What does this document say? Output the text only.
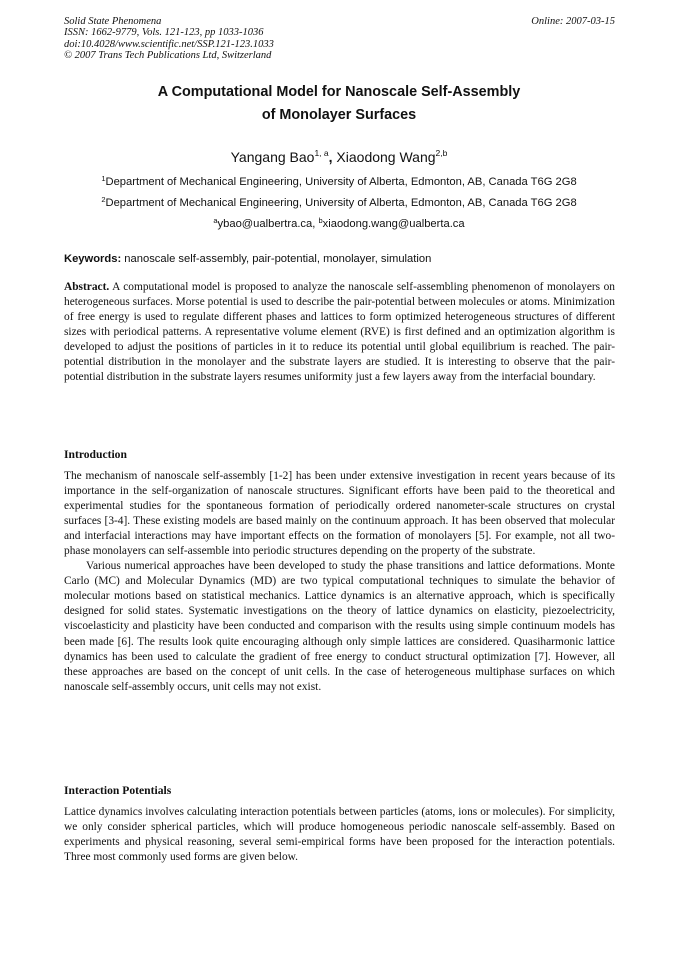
Solid State Phenomena
ISSN: 1662-9779, Vols. 121-123, pp 1033-1036
doi:10.4028/www.scientific.net/SSP.121-123.1033
© 2007 Trans Tech Publications Ltd, Switzerland
Online: 2007-03-15
A Computational Model for Nanoscale Self-Assembly
of Monolayer Surfaces
Yangang Bao$^{1, a}$, Xiaodong Wang$^{2,b}$
$^1$Department of Mechanical Engineering, University of Alberta, Edmonton, AB, Canada T6G 2G8
$^2$Department of Mechanical Engineering, University of Alberta, Edmonton, AB, Canada T6G 2G8
$^a$ybao@ualbertra.ca, $^b$xiaodong.wang@ualberta.ca
Keywords: nanoscale self-assembly, pair-potential, monolayer, simulation

Abstract. A computational model is proposed to analyze the nanoscale self-assembling phenomenon of monolayers on heterogeneous surfaces. Morse potential is used to describe the pair-potential between molecules or atoms. Minimization of free energy is used to regulate different phases and lattices to form optimized heterogeneous structures of different sizes with periodical patterns. A representative volume element (RVE) is first defined and an optimization algorithm is developed to adjust the positions of particles in it to reduce its potential until global equilibrium is reached. The pair-potential distribution in the monolayer and the substrate layers are studied. It is interesting to observe that the pair-potential distribution in the substrate layers resumes uniformity just a few layers away from the interfacial boundary.

Introduction

The mechanism of nanoscale self-assembly [1-2] has been under extensive investigation in recent years because of its importance in the self-organization of nanoscale structures. Significant efforts have been paid to the theoretical and experimental studies for the spontaneous formation of periodically ordered nanometer-scale structures on crystal surfaces [3-4]. These existing models are based mainly on the continuum approach. It has been observed that molecular and interfacial interactions may have important effects on the formation of monolayers [5]. For example, not all two-phase monolayers can self-assemble into periodic structures depending on the property of the substrate.

Various numerical approaches have been developed to study the phase transitions and lattice deformations. Monte Carlo (MC) and Molecular Dynamics (MD) are two typical computational techniques to simulate the behavior of molecular motions based on statistical mechanics. Lattice dynamics is an alternative approach, which is specifically designed for solid states. Systematic investigations on the theory of lattice dynamics on elasticity, piezoelectricity, viscoelasticity and plasticity have been conducted and comparison with the results using simple continuum models has been made [6]. The results look quite encouraging although only simple lattices are considered. Quasiharmonic lattice dynamics has been used to calculate the gradient of free energy to conduct structural optimization [7]. However, all these approaches are based on the concept of unit cells. In the case of heterogeneous multiphase surfaces on which nanoscale self-assembly occurs, unit cells may not exist.

Interaction Potentials

Lattice dynamics involves calculating interaction potentials between particles (atoms, ions or molecules). For simplicity, we only consider spherical particles, which will produce homogeneous periodic nanoscale self-assembly. Based on experiments and physical reasoning, several semi-empirical forms have been proposed for the interaction potentials. Three most commonly used forms are given below.
